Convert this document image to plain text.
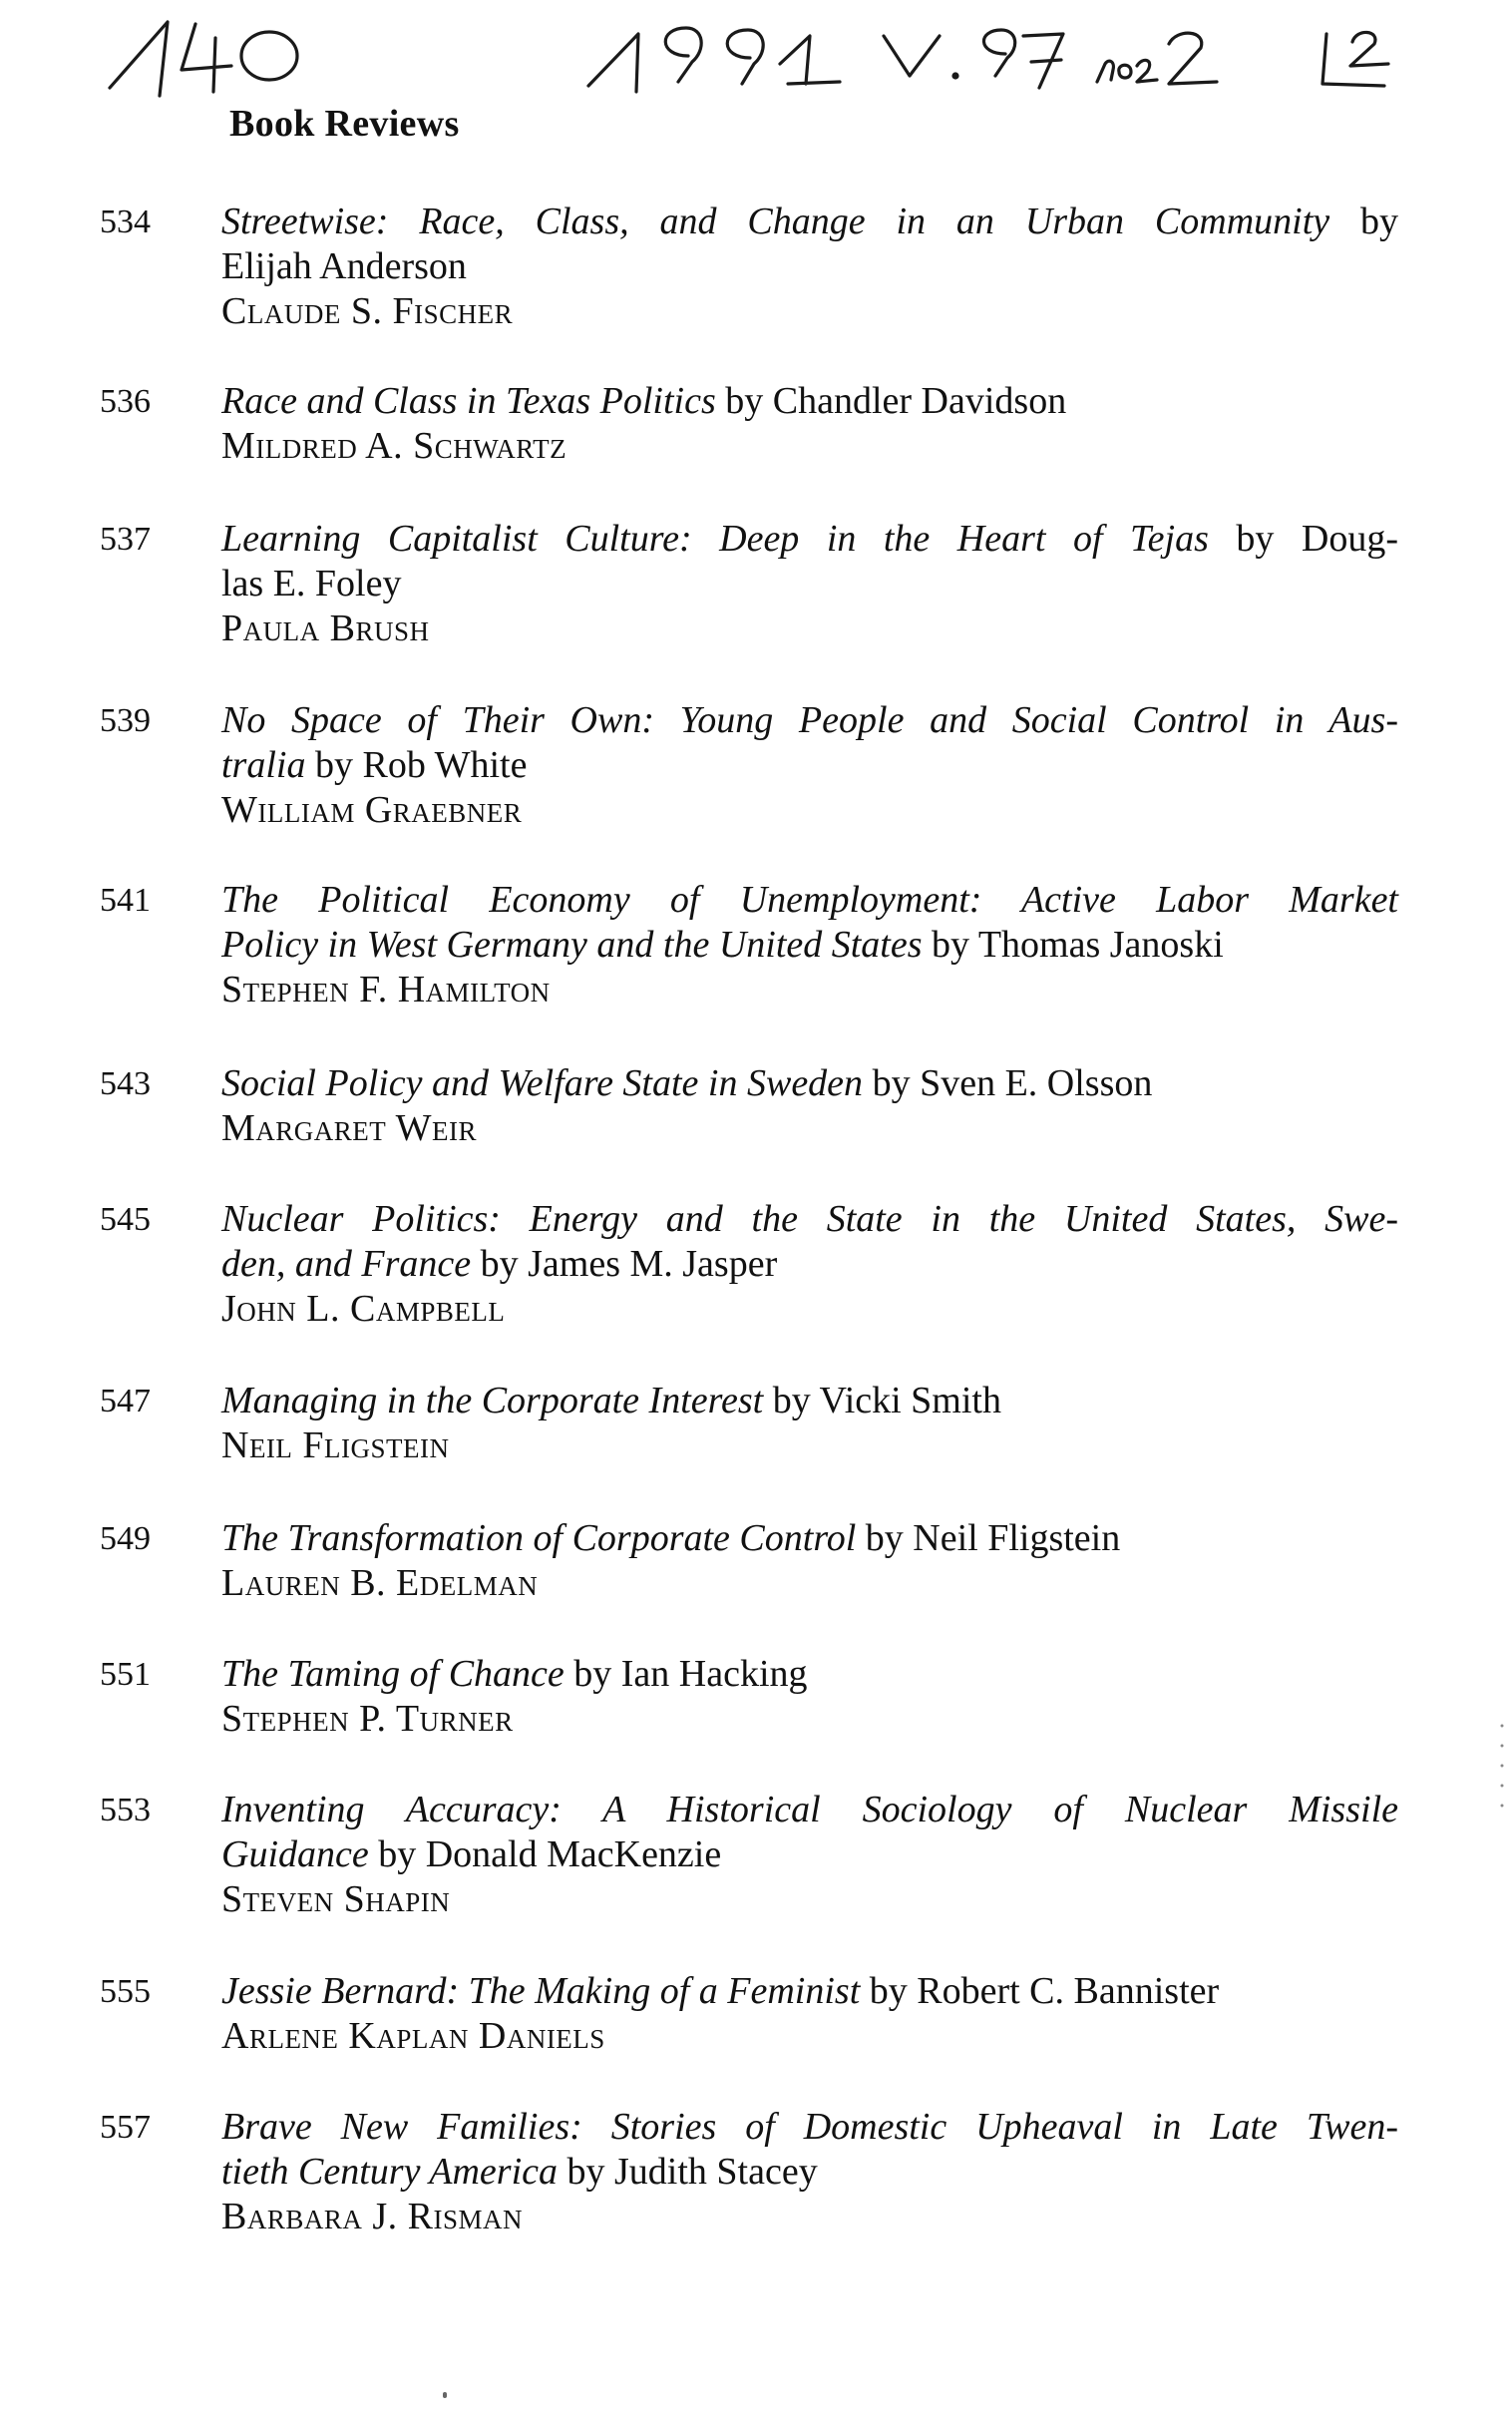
Book Reviews
534	Streetwise: Race, Class, and Change in an Urban Community by
Elijah Anderson
Claude S. Fischer
536	Race and Class in Texas Politics by Chandler Davidson
Mildred A. Schwartz
537	Learning Capitalist Culture: Deep in the Heart of Tejas by Doug-
las E. Foley
Paula Brush
539	No Space of Their Own: Young People and Social Control in Aus-
tralia by Rob White
William Graebner
541	The Political Economy of Unemployment: Active Labor Market
Policy in West Germany and the United States by Thomas Janoski
Stephen F. Hamilton
543	Social Policy and Welfare State in Sweden by Sven E. Olsson
Margaret Weir
545	Nuclear Politics: Energy and the State in the United States, Swe-
den, and France by James M. Jasper
John L. Campbell
547	Managing in the Corporate Interest by Vicki Smith
Neil Fligstein
549	The Transformation of Corporate Control by Neil Fligstein
Lauren B. Edelman
551	The Taming of Chance by Ian Hacking
Stephen P. Turner
553	Inventing Accuracy: A Historical Sociology of Nuclear Missile
Guidance by Donald MacKenzie
Steven Shapin
555	Jessie Bernard: The Making of a Feminist by Robert C. Bannister
Arlene Kaplan Daniels
557	Brave New Families: Stories of Domestic Upheaval in Late Twen-
tieth Century America by Judith Stacey
Barbara J. Risman
